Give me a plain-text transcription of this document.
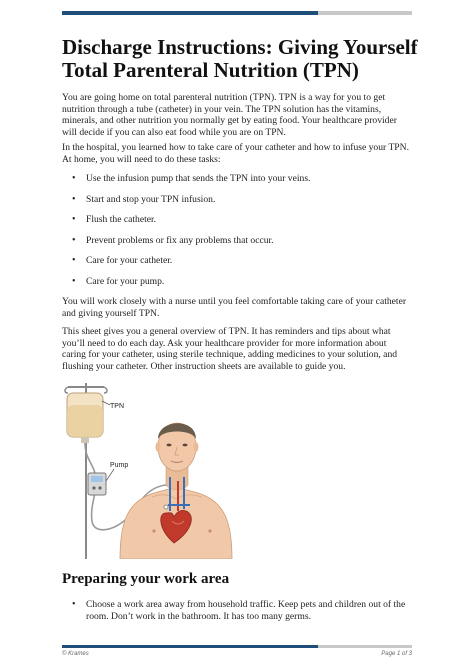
Discharge Instructions: Giving Yourself Total Parenteral Nutrition (TPN)

You are going home on total parenteral nutrition (TPN). TPN is a way for you to get nutrition through a tube (catheter) in your vein. The TPN solution has the vitamins, minerals, and other nutrition you normally get by eating food. Your healthcare provider will decide if you can also eat food while you are on TPN.

In the hospital, you learned how to take care of your catheter and how to infuse your TPN. At home, you will need to do these tasks:

• Use the infusion pump that sends the TPN into your veins.
• Start and stop your TPN infusion.
• Flush the catheter.
• Prevent problems or fix any problems that occur.
• Care for your catheter.
• Care for your pump.

You will work closely with a nurse until you feel comfortable taking care of your catheter and giving yourself TPN.

This sheet gives you a general overview of TPN. It has reminders and tips about what you’ll need to do each day. Ask your healthcare provider for more information about caring for your catheter, using sterile technique, adding medicines to your solution, and flushing your catheter. Other instruction sheets are available to guide you.

TPN
Pump
Preparing your work area
• Choose a work area away from household traffic. Keep pets and children out of the room. Don’t work in the bathroom. It has too many germs.
© Krames	Page 1 of 3
